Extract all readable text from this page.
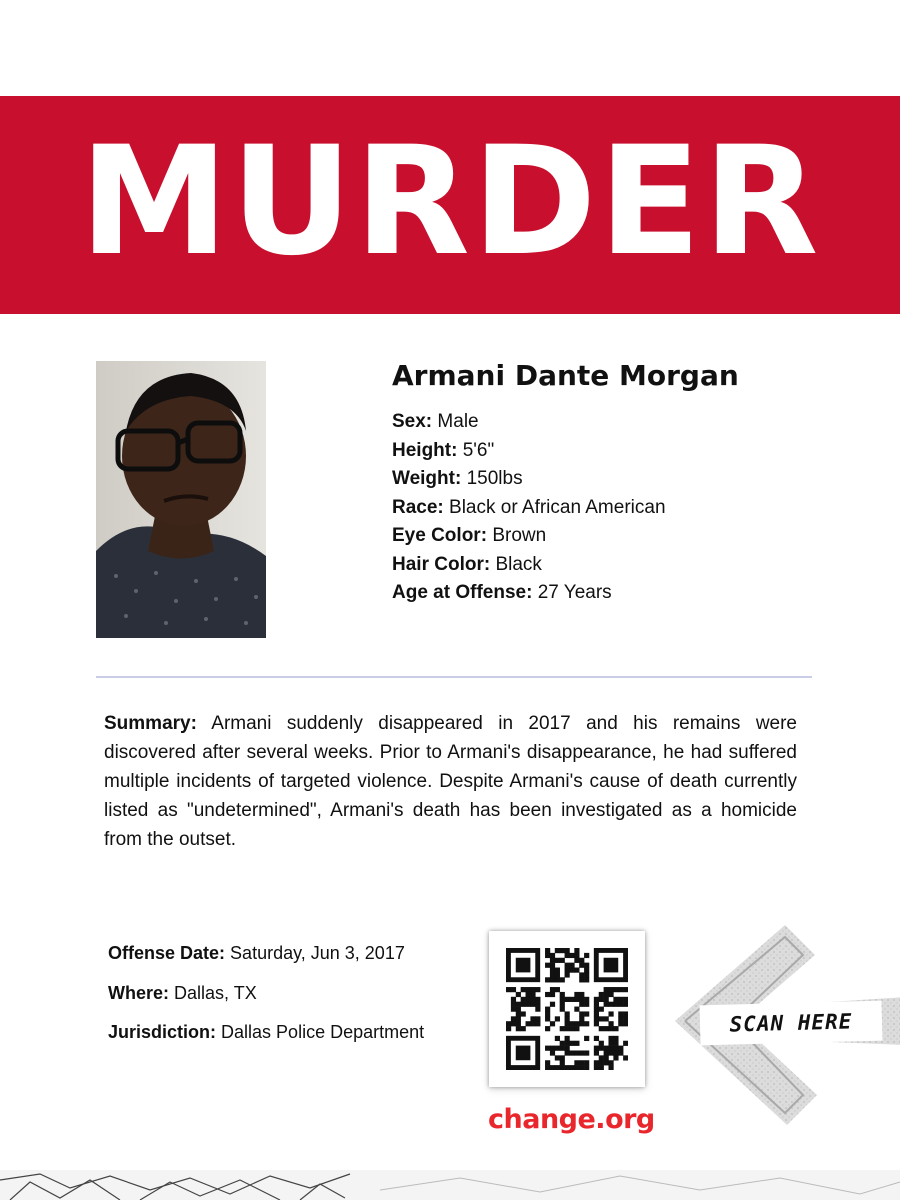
MURDER
Armani Dante Morgan
Sex: Male
Height: 5'6"
Weight: 150lbs
Race: Black or African American
Eye Color: Brown
Hair Color: Black
Age at Offense: 27 Years

Summary: Armani suddenly disappeared in 2017 and his remains were discovered after several weeks. Prior to Armani's disappearance, he had suffered multiple incidents of targeted violence. Despite Armani's cause of death currently listed as "undetermined", Armani's death has been investigated as a homicide from the outset.

Offense Date: Saturday, Jun 3, 2017
Where: Dallas, TX
Jurisdiction: Dallas Police Department
change.org
SCAN HERE
